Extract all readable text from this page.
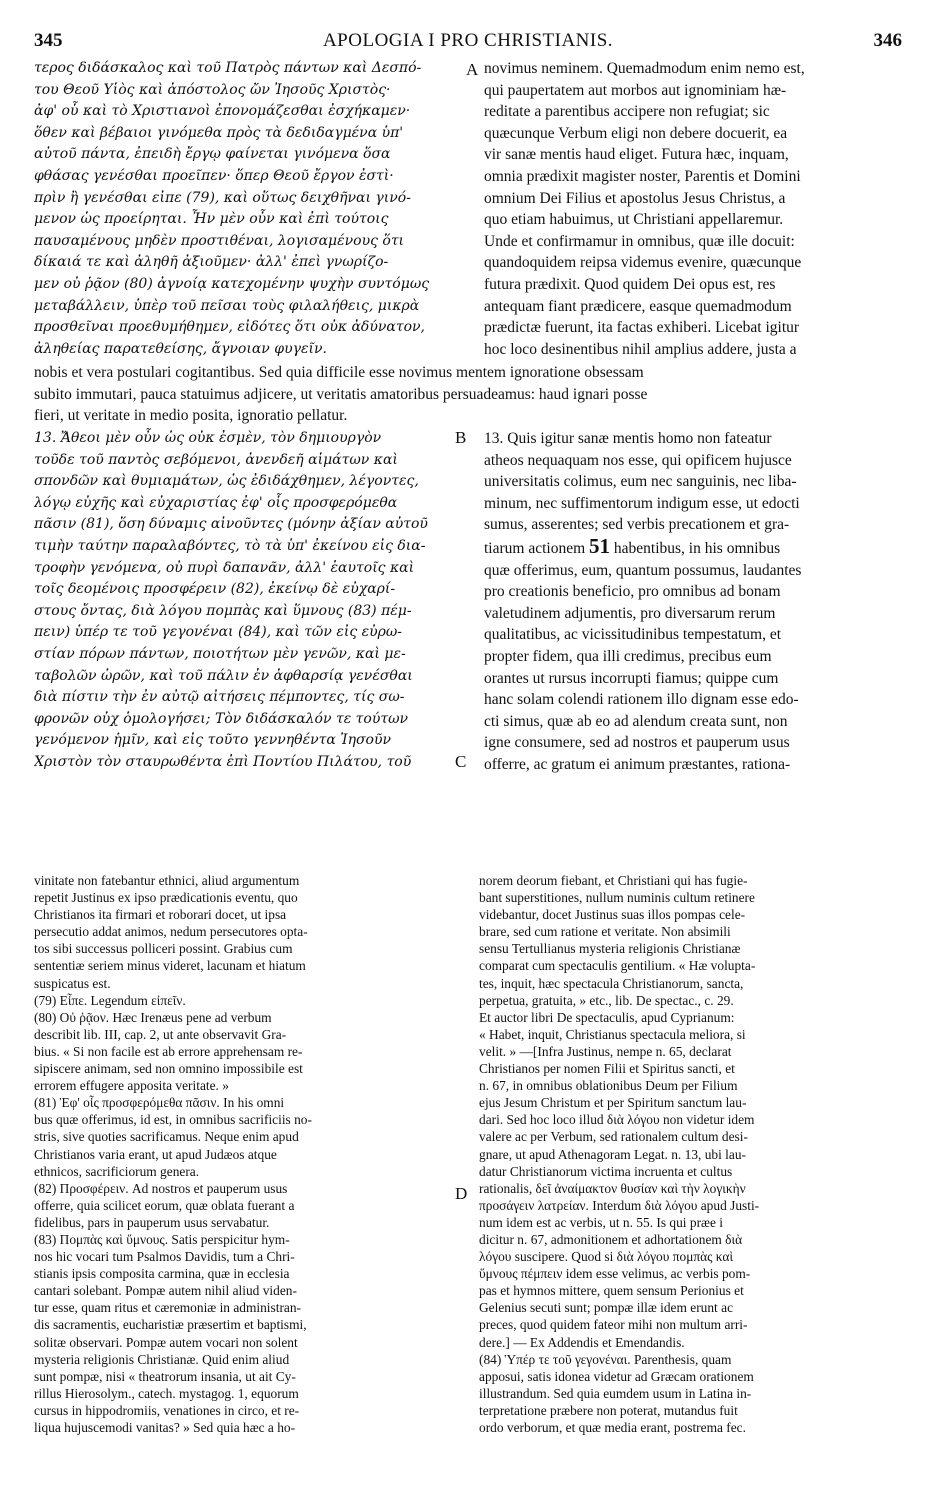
345	APOLOGIA I PRO CHRISTIANIS.	346
τερος διδάσκαλος καὶ τοῦ Πατρὸς πάντων καὶ Δεσπό-
του Θεοῦ Υἱὸς καὶ ἀπόστολος ὤν Ἰησοῦς Χριστὸς·
ἀφ' οὗ καὶ τὸ Χριστιανοὶ ἐπονομάζεσθαι ἐσχήκαμεν·
ὅθεν καὶ βέβαιοι γινόμεθα πρὸς τὰ δεδιδαγμένα ὑπ'
αὐτοῦ πάντα, ἐπειδὴ ἔργῳ φαίνεται γινόμενα ὅσα
φθάσας γενέσθαι προεῖπεν· ὅπερ Θεοῦ ἔργον ἐστὶ·
πρὶν ἢ γενέσθαι εἰπε (79), καὶ οὕτως δειχθῆναι γινό-
μενον ὡς προείρηται. Ἦν μὲν οὖν καὶ ἐπὶ τούτοις
παυσαμένους μηδὲν προστιθέναι, λογισαμένους ὅτι
δίκαιά τε καὶ ἀληθῆ ἀξιοῦμεν· ἀλλ' ἐπεὶ γνωρίζο-
μεν οὐ ῥᾷον (80) ἀγνοίᾳ κατεχομένην ψυχὴν συντόμως
μεταβάλλειν, ὑπὲρ τοῦ πεῖσαι τοὺς φιλαλήθεις, μικρὰ
προσθεῖναι προεθυμήθημεν, εἰδότες ὅτι οὐκ ἀδύνατον,
ἀληθείας παρατεθείσης, ἄγνοιαν φυγεῖν.
novimus neminem. Quemadmodum enim nemo est,
qui paupertatem aut morbos aut ignominiam hæ-
reditate a parentibus accipere non refugiat; sic
quæcunque Verbum eligi non debere docuerit, ea
vir sanæ mentis haud eliget. Futura hæc, inquam,
omnia prædixit magister noster, Parentis et Domini
omnium Dei Filius et apostolus Jesus Christus, a
quo etiam habuimus, ut Christiani appellaremur.
Unde et confirmamur in omnibus, quæ ille docuit:
quandoquidem reipsa videmus evenire, quæcunque
futura prædixit. Quod quidem Dei opus est, res
antequam fiant prædicere, easque quemadmodum
prædictæ fuerunt, ita factas exhiberi. Licebat igitur
hoc loco desinentibus nihil amplius addere, justa a
A
nobis et vera postulari cogitantibus. Sed quia difficile esse novimus mentem ignoratione obsessam
subito immutari, pauca statuimus adjicere, ut veritatis amatoribus persuadeamus: haud ignari posse
fieri, ut veritate in medio posita, ignoratio pellatur.
13. Ἄθεοι μὲν οὖν ὡς οὐκ ἐσμὲν, τὸν δημιουργὸν
τοῦδε τοῦ παντὸς σεβόμενοι, ἀνενδεῆ αἱμάτων καὶ
σπονδῶν καὶ θυμιαμάτων, ὡς ἐδιδάχθημεν, λέγοντες,
λόγῳ εὐχῆς καὶ εὐχαριστίας ἐφ' οἷς προσφερόμεθα
πᾶσιν (81), ὅση δύναμις αἰνοῦντες (μόνην ἀξίαν αὐτοῦ
τιμὴν ταύτην παραλαβόντες, τὸ τὰ ὑπ' ἐκείνου εἰς δια-
τροφὴν γενόμενα, οὐ πυρὶ δαπανᾶν, ἀλλ' ἑαυτοῖς καὶ
τοῖς δεομένοις προσφέρειν (82), ἐκείνῳ δὲ εὐχαρί-
στους ὄντας, διὰ λόγου πομπὰς καὶ ὕμνους (83) πέμ-
πειν) ὑπέρ τε τοῦ γεγονέναι (84), καὶ τῶν εἰς εὐρω-
στίαν πόρων πάντων, ποιοτήτων μὲν γενῶν, καὶ με-
ταβολῶν ὡρῶν, καὶ τοῦ πάλιν ἐν ἀφθαρσίᾳ γενέσθαι
διὰ πίστιν τὴν ἐν αὐτῷ αἰτήσεις πέμποντες, τίς σω-
φρονῶν οὐχ ὁμολογήσει; Τὸν διδάσκαλόν τε τούτων
γενόμενον ἡμῖν, καὶ εἰς τοῦτο γεννηθέντα Ἰησοῦν
Χριστὸν τὸν σταυρωθέντα ἐπὶ Ποντίου Πιλάτου, τοῦ
13. Quis igitur sanæ mentis homo non fateatur
atheos nequaquam nos esse, qui opificem hujusce
universitatis colimus, eum nec sanguinis, nec liba-
minum, nec suffimentorum indigum esse, ut edocti
sumus, asserentes; sed verbis precationem et gra-
tiarum actionem 51 habentibus, in his omnibus
quæ offerimus, eum, quantum possumus, laudantes
pro creationis beneficio, pro omnibus ad bonam
valetudinem adjumentis, pro diversarum rerum
qualitatibus, ac vicissitudinibus tempestatum, et
propter fidem, qua illi credimus, precibus eum
orantes ut rursus incorrupti fiamus; quippe cum
hanc solam colendi rationem illo dignam esse edo-
cti simus, quæ ab eo ad alendum creata sunt, non
igne consumere, sed ad nostros et pauperum usus
offerre, ac gratum ei animum præstantes, rationa-
B
C
D
vinitate non fatebantur ethnici, aliud argumentum
repetit Justinus ex ipso prædicationis eventu, quo
Christianos ita firmari et roborari docet, ut ipsa
persecutio addat animos, nedum persecutores opta-
tos sibi successus polliceri possint. Grabius cum
sententiæ seriem minus videret, lacunam et hiatum
suspicatus est.
(79) Εἶπε. Legendum εἰπεῖν.
(80) Οὐ ῥᾷον. Hæc Irenæus pene ad verbum
describit lib. III, cap. 2, ut ante observavit Gra-
bius. « Si non facile est ab errore apprehensam re-
sipiscere animam, sed non omnino impossibile est
errorem effugere apposita veritate. »
(81) Ἐφ' οἷς προσφερόμεθα πᾶσιν. In his omni
bus quæ offerimus, id est, in omnibus sacrificiis no-
stris, sive quoties sacrificamus. Neque enim apud
Christianos varia erant, ut apud Judæos atque
ethnicos, sacrificiorum genera.
(82) Προσφέρειν. Ad nostros et pauperum usus
offerre, quia scilicet eorum, quæ oblata fuerant a
fidelibus, pars in pauperum usus servabatur.
(83) Πομπὰς καὶ ὕμνους. Satis perspicitur hym-
nos hic vocari tum Psalmos Davidis, tum a Chri-
stianis ipsis composita carmina, quæ in ecclesia
cantari solebant. Pompæ autem nihil aliud viden-
tur esse, quam ritus et cæremoniæ in administran-
dis sacramentis, eucharistiæ præsertim et baptismi,
solitæ observari. Pompæ autem vocari non solent
mysteria religionis Christianæ. Quid enim aliud
sunt pompæ, nisi « theatrorum insania, ut ait Cy-
rillus Hierosolym., catech. mystagog. 1, equorum
cursus in hippodromiis, venationes in circo, et re-
liqua hujuscemodi vanitas? » Sed quia hæc a ho-
norem deorum fiebant, et Christiani qui has fugie-
bant superstitiones, nullum numinis cultum retinere
videbantur, docet Justinus suas illos pompas cele-
brare, sed cum ratione et veritate. Non absimili
sensu Tertullianus mysteria religionis Christianæ
comparat cum spectaculis gentilium. « Hæ volupta-
tes, inquit, hæc spectacula Christianorum, sancta,
perpetua, gratuita, » etc., lib. De spectac., c. 29.
Et auctor libri De spectaculis, apud Cyprianum:
« Habet, inquit, Christianus spectacula meliora, si
velit. » —[Infra Justinus, nempe n. 65, declarat
Christianos per nomen Filii et Spiritus sancti, et
n. 67, in omnibus oblationibus Deum per Filium
ejus Jesum Christum et per Spiritum sanctum lau-
dari. Sed hoc loco illud διὰ λόγου non videtur idem
valere ac per Verbum, sed rationalem cultum desi-
gnare, ut apud Athenagoram Legat. n. 13, ubi lau-
datur Christianorum victima incruenta et cultus
rationalis, δεῖ ἀναίμακτον θυσίαν καὶ τὴν λογικὴν
προσάγειν λατρείαν. Interdum διὰ λόγου apud Justi-
num idem est ac verbis, ut n. 55. Is qui præe i
dicitur n. 67, admonitionem et adhortationem διὰ
λόγου suscipere. Quod si διὰ λόγου πομπὰς καὶ
ὕμνους πέμπειν idem esse velimus, ac verbis pom-
pas et hymnos mittere, quem sensum Perionius et
Gelenius secuti sunt; pompæ illæ idem erunt ac
preces, quod quidem fateor mihi non multum arri-
dere.] — Ex Addendis et Emendandis.
(84) Ὑπέρ τε τοῦ γεγονέναι. Parenthesis, quam
apposui, satis idonea videtur ad Græcam orationem
illustrandum. Sed quia eumdem usum in Latina in-
terpretatione præbere non poterat, mutandus fuit
ordo verborum, et quæ media erant, postrema fec.
